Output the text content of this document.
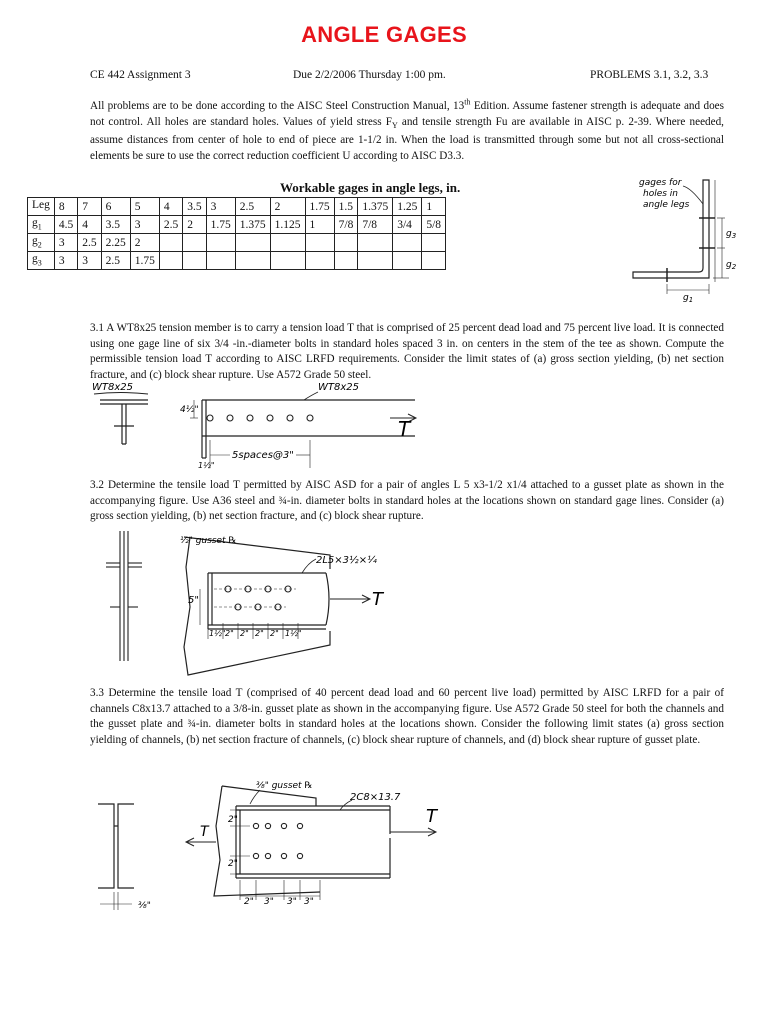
ANGLE GAGES
CE 442 Assignment 3	Due 2/2/2006 Thursday 1:00 pm.	PROBLEMS 3.1, 3.2, 3.3
All problems are to be done according to the AISC Steel Construction Manual, 13th Edition. Assume fastener strength is adequate and does not control. All holes are standard holes. Values of yield stress $F_Y$ and tensile strength Fu are available in AISC p. 2-39. Where needed, assume distances from center of hole to end of piece are 1-1/2 in. When the load is transmitted through some but not all cross-sectional elements be sure to use the correct reduction coefficient U according to AISC D3.3.
Workable gages in angle legs, in.
Leg	8	7	6	5	4	3.5	3	2.5	2	1.75	1.5	1.375	1.25	1
$g_1$	4.5	4	3.5	3	2.5	2	1.75	1.375	1.125	1	7/8	7/8	3/4	5/8
$g_2$	3	2.5	2.25	2										
$g_3$	3	3	2.5	1.75										
gages for
holes in
angle legs
$g_3$
$g_2$
$g_1$
3.1 A WT8x25 tension member is to carry a tension load T that is comprised of 25 percent dead load and 75 percent live load. It is connected using one gage line of six 3/4 -in.-diameter bolts in standard holes spaced 3 in. on centers in the stem of the tee as shown. Compute the permissible tension load T according to AISC LRFD requirements. Consider the limit states of (a) gross section yielding, (b) net section fracture, and (c) block shear rupture. Use A572 Grade 50 steel.
WT8x25	WT8x25
4½"
1½"
5spaces@3"
T
3.2 Determine the tensile load T permitted by AISC ASD for a pair of angles L 5 x3-1/2 x1/4 attached to a gusset plate as shown in the accompanying figure. Use A36 steel and ¾-in. diameter bolts in standard holes at the locations shown on standard gage lines. Consider (a) gross section yielding, (b) net section fracture, and (c) block shear rupture.
½" gusset ℞
2L5×3½×¼
5"	T
1½" 2" 2" 2" 2" 1½"
3.3 Determine the tensile load T (comprised of 40 percent dead load and 60 percent live load) permitted by AISC LRFD for a pair of channels C8x13.7 attached to a 3/8-in. gusset plate as shown in the accompanying figure. Use A572 Grade 50 steel for both the channels and the gusset plate and ¾-in. diameter bolts in standard holes at the locations shown. Consider the following limit states (a) gross section yielding of channels, (b) net section fracture of channels, (c) block shear rupture of channels, and (d) block shear rupture of gusset plate.
⅜"
⅜" gusset ℞
2C8×13.7
2"
2"
T
T
2" 3" 3" 3"
